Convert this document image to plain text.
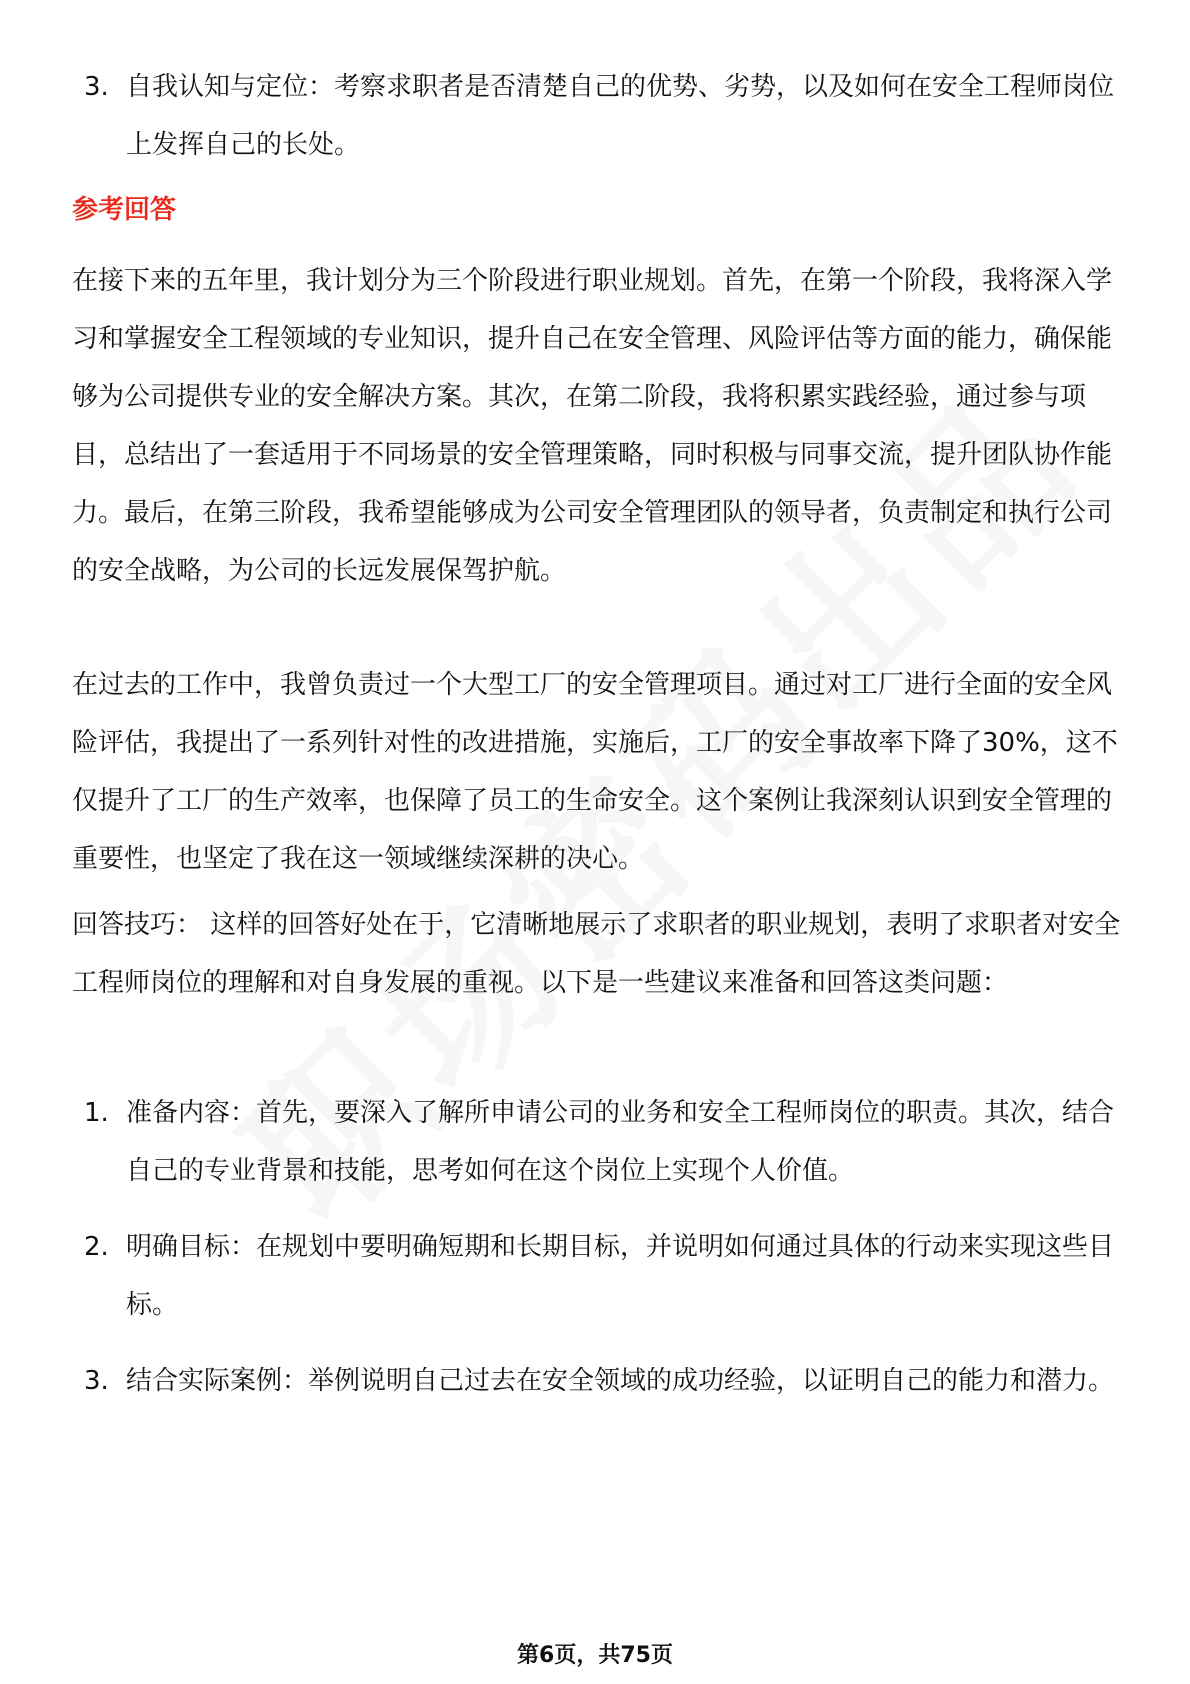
3. 自我认知与定位：考察求职者是否清楚自己的优势、劣势，以及如何在安全工程师岗位上发挥自己的长处。
参考回答
在接下来的五年里，我计划分为三个阶段进行职业规划。首先，在第一个阶段，我将深入学习和掌握安全工程领域的专业知识，提升自己在安全管理、风险评估等方面的能力，确保能够为公司提供专业的安全解决方案。其次，在第二阶段，我将积累实践经验，通过参与项目，总结出了一套适用于不同场景的安全管理策略，同时积极与同事交流，提升团队协作能力。最后，在第三阶段，我希望能够成为公司安全管理团队的领导者，负责制定和执行公司的安全战略，为公司的长远发展保驾护航。
在过去的工作中，我曾负责过一个大型工厂的安全管理项目。通过对工厂进行全面的安全风险评估，我提出了一系列针对性的改进措施，实施后，工厂的安全事故率下降了30%，这不仅提升了工厂的生产效率，也保障了员工的生命安全。这个案例让我深刻认识到安全管理的重要性，也坚定了我在这一领域继续深耕的决心。
回答技巧： 这样的回答好处在于，它清晰地展示了求职者的职业规划，表明了求职者对安全工程师岗位的理解和对自身发展的重视。以下是一些建议来准备和回答这类问题：
1. 准备内容：首先，要深入了解所申请公司的业务和安全工程师岗位的职责。其次，结合自己的专业背景和技能，思考如何在这个岗位上实现个人价值。
2. 明确目标：在规划中要明确短期和长期目标，并说明如何通过具体的行动来实现这些目标。
3. 结合实际案例：举例说明自己过去在安全领域的成功经验，以证明自己的能力和潜力。
第6页，共75页
